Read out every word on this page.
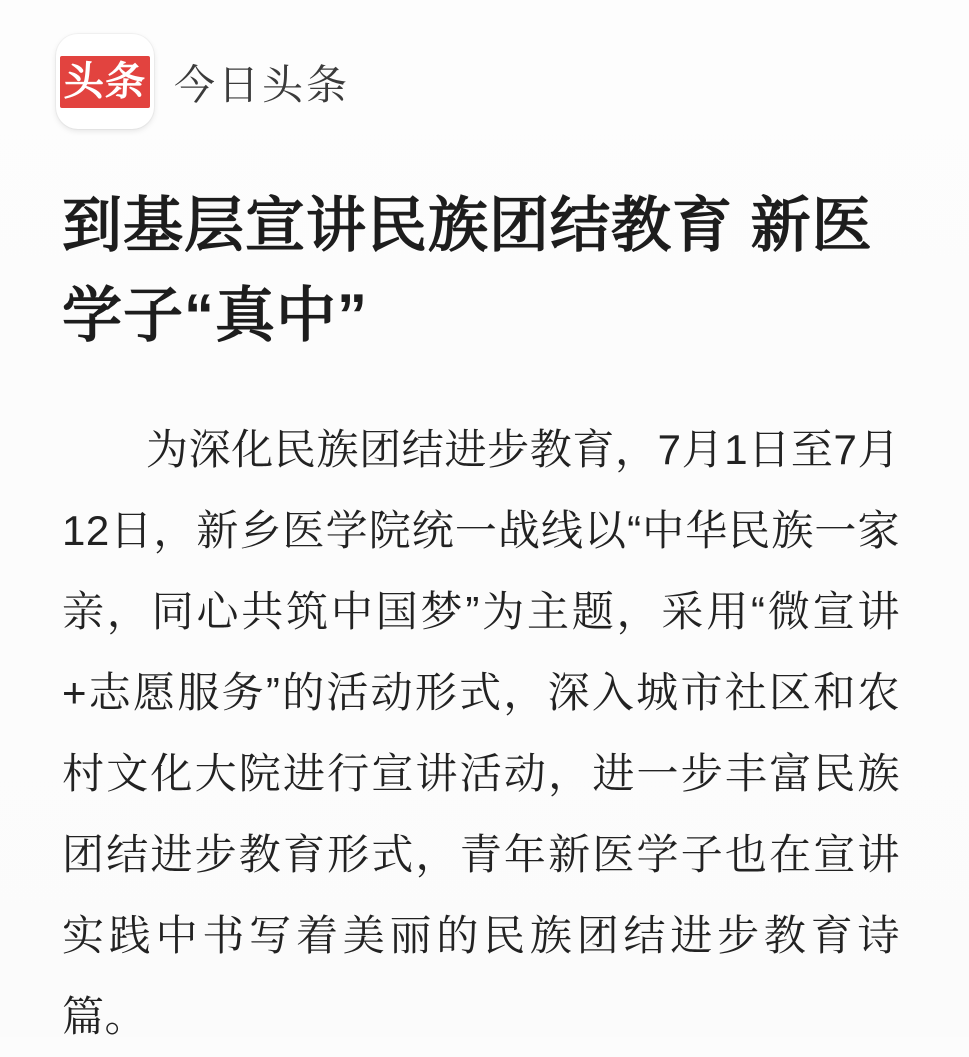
头条 今日头条
到基层宣讲民族团结教育 新医学子“真中”

为深化民族团结进步教育，7月1日至7月12日，新乡医学院统一战线以“中华民族一家亲，同心共筑中国梦”为主题，采用“微宣讲+志愿服务”的活动形式，深入城市社区和农村文化大院进行宣讲活动，进一步丰富民族团结进步教育形式，青年新医学子也在宣讲实践中书写着美丽的民族团结进步教育诗篇。
